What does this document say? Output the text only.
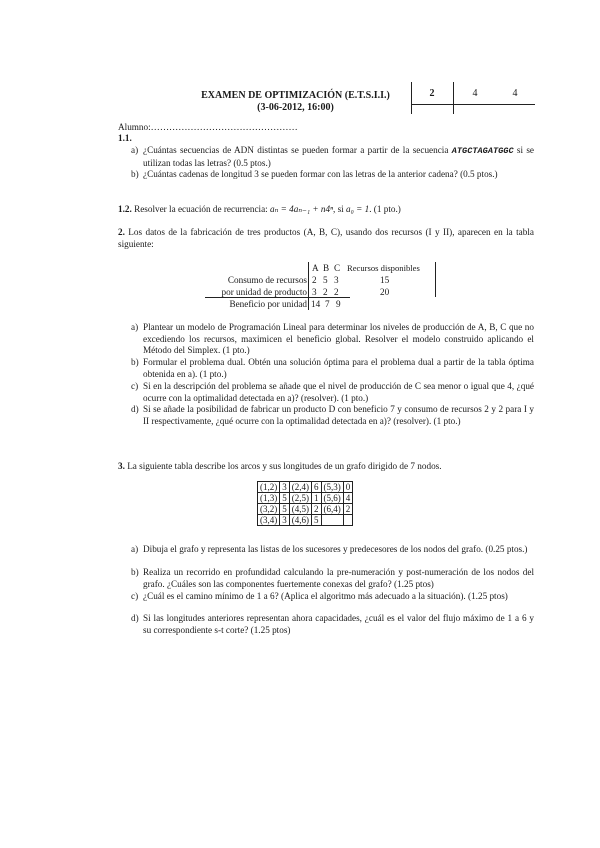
EXAMEN DE OPTIMIZACIÓN (E.T.S.I.I.)
(3-06-2012, 16:00)
2	4	4
Alumno:…………………………………………
1.1.
a) ¿Cuántas secuencias de ADN distintas se pueden formar a partir de la secuencia ATGCTAGATGGC si se utilizan todas las letras? (0.5 ptos.)
b) ¿Cuántas cadenas de longitud 3 se pueden formar con las letras de la anterior cadena? (0.5 ptos.)
1.2. Resolver la ecuación de recurrencia: aₙ = 4aₙ₋₁ + n4ⁿ, si a₀ = 1. (1 pto.)
2. Los datos de la fabricación de tres productos (A, B, C), usando dos recursos (I y II), aparecen en la tabla siguiente:
A B C Recursos disponibles
Consumo de recursos 2 5 3	15
por unidad de producto 3 2 2	20
Beneficio por unidad 14 7 9
a) Plantear un modelo de Programación Lineal para determinar los niveles de producción de A, B, C que no excediendo los recursos, maximicen el beneficio global. Resolver el modelo construido aplicando el Método del Simplex. (1 pto.)
b) Formular el problema dual. Obtén una solución óptima para el problema dual a partir de la tabla óptima obtenida en a). (1 pto.)
c) Si en la descripción del problema se añade que el nivel de producción de C sea menor o igual que 4, ¿qué ocurre con la optimalidad detectada en a)? (resolver). (1 pto.)
d) Si se añade la posibilidad de fabricar un producto D con beneficio 7 y consumo de recursos 2 y 2 para I y II respectivamente, ¿qué ocurre con la optimalidad detectada en a)? (resolver). (1 pto.)
3. La siguiente tabla describe los arcos y sus longitudes de un grafo dirigido de 7 nodos.
(1,2)	3	(2,4)	6	(5,3)	0
(1,3)	5	(2,5)	1	(5,6)	4
(3,2)	5	(4,5)	2	(6,4)	2
(3,4)	3	(4,6)	5		
a) Dibuja el grafo y representa las listas de los sucesores y predecesores de los nodos del grafo. (0.25 ptos.)
b) Realiza un recorrido en profundidad calculando la pre-numeración y post-numeración de los nodos del grafo. ¿Cuáles son las componentes fuertemente conexas del grafo? (1.25 ptos)
c) ¿Cuál es el camino mínimo de 1 a 6? (Aplica el algoritmo más adecuado a la situación). (1.25 ptos)
d) Si las longitudes anteriores representan ahora capacidades, ¿cuál es el valor del flujo máximo de 1 a 6 y su correspondiente s-t corte? (1.25 ptos)
